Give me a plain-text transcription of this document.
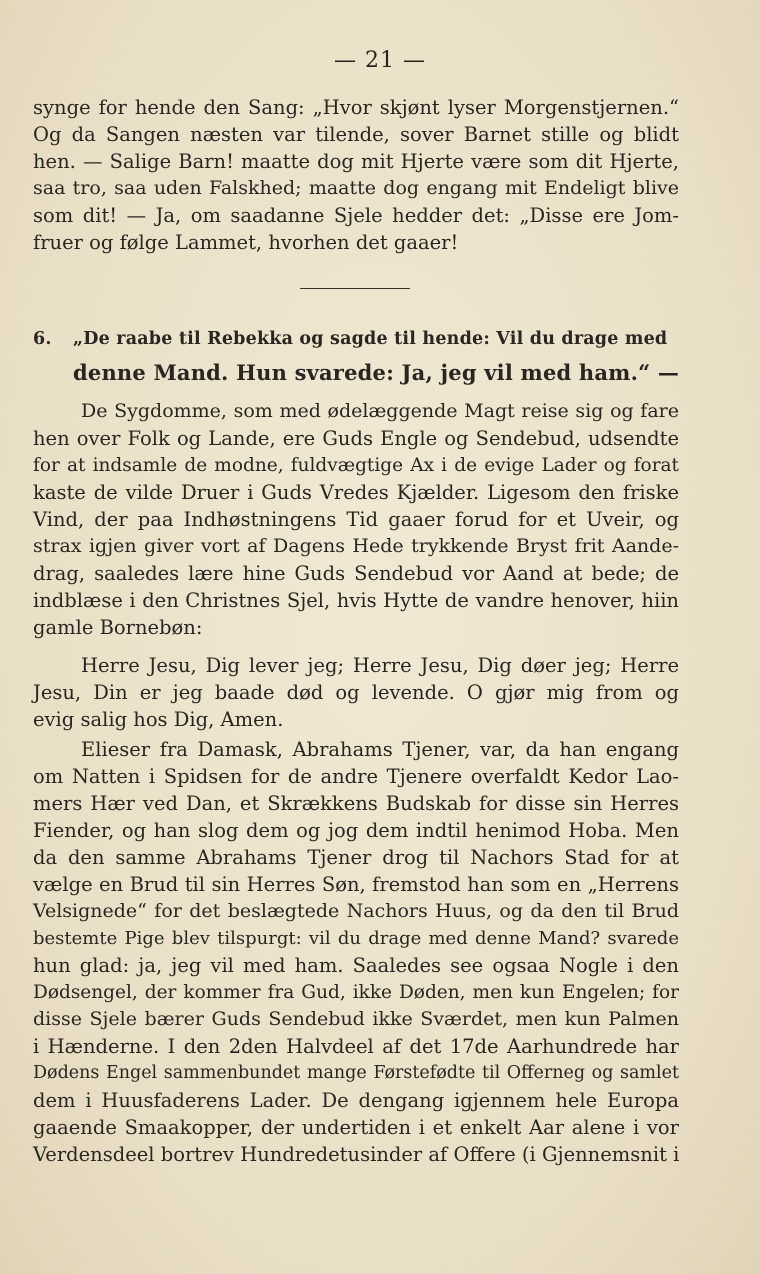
— 21 —
synge for hende den Sang: „Hvor skjønt lyser Morgenstjernen.“
Og da Sangen næsten var tilende, sover Barnet stille og blidt
hen. — Salige Barn! maatte dog mit Hjerte være som dit Hjerte,
saa tro, saa uden Falskhed; maatte dog engang mit Endeligt blive
som dit! — Ja, om saadanne Sjele hedder det: „Disse ere Jom-
fruer og følge Lammet, hvorhen det gaaer!
6. „De raabe til Rebekka og sagde til hende: Vil du drage med
denne Mand. Hun svarede: Ja, jeg vil med ham.“ —
De Sygdomme, som med ødelæggende Magt reise sig og fare
hen over Folk og Lande, ere Guds Engle og Sendebud, udsendte
for at indsamle de modne, fuldvægtige Ax i de evige Lader og forat
kaste de vilde Druer i Guds Vredes Kjælder. Ligesom den friske
Vind, der paa Indhøstningens Tid gaaer forud for et Uveir, og
strax igjen giver vort af Dagens Hede trykkende Bryst frit Aande-
drag, saaledes lære hine Guds Sendebud vor Aand at bede; de
indblæse i den Christnes Sjel, hvis Hytte de vandre henover, hiin
gamle Bornebøn:
Herre Jesu, Dig lever jeg; Herre Jesu, Dig døer jeg; Herre
Jesu, Din er jeg baade død og levende. O gjør mig from og
evig salig hos Dig, Amen.
Elieser fra Damask, Abrahams Tjener, var, da han engang
om Natten i Spidsen for de andre Tjenere overfaldt Kedor Lao-
mers Hær ved Dan, et Skrækkens Budskab for disse sin Herres
Fiender, og han slog dem og jog dem indtil henimod Hoba. Men
da den samme Abrahams Tjener drog til Nachors Stad for at
vælge en Brud til sin Herres Søn, fremstod han som en „Herrens
Velsignede“ for det beslægtede Nachors Huus, og da den til Brud
bestemte Pige blev tilspurgt: vil du drage med denne Mand? svarede
hun glad: ja, jeg vil med ham. Saaledes see ogsaa Nogle i den
Dødsengel, der kommer fra Gud, ikke Døden, men kun Engelen; for
disse Sjele bærer Guds Sendebud ikke Sværdet, men kun Palmen
i Hænderne. I den 2den Halvdeel af det 17de Aarhundrede har
Dødens Engel sammenbundet mange Førstefødte til Offerneg og samlet
dem i Huusfaderens Lader. De dengang igjennem hele Europa
gaaende Smaakopper, der undertiden i et enkelt Aar alene i vor
Verdensdeel bortrev Hundredetusinder af Offere (i Gjennemsnit i
